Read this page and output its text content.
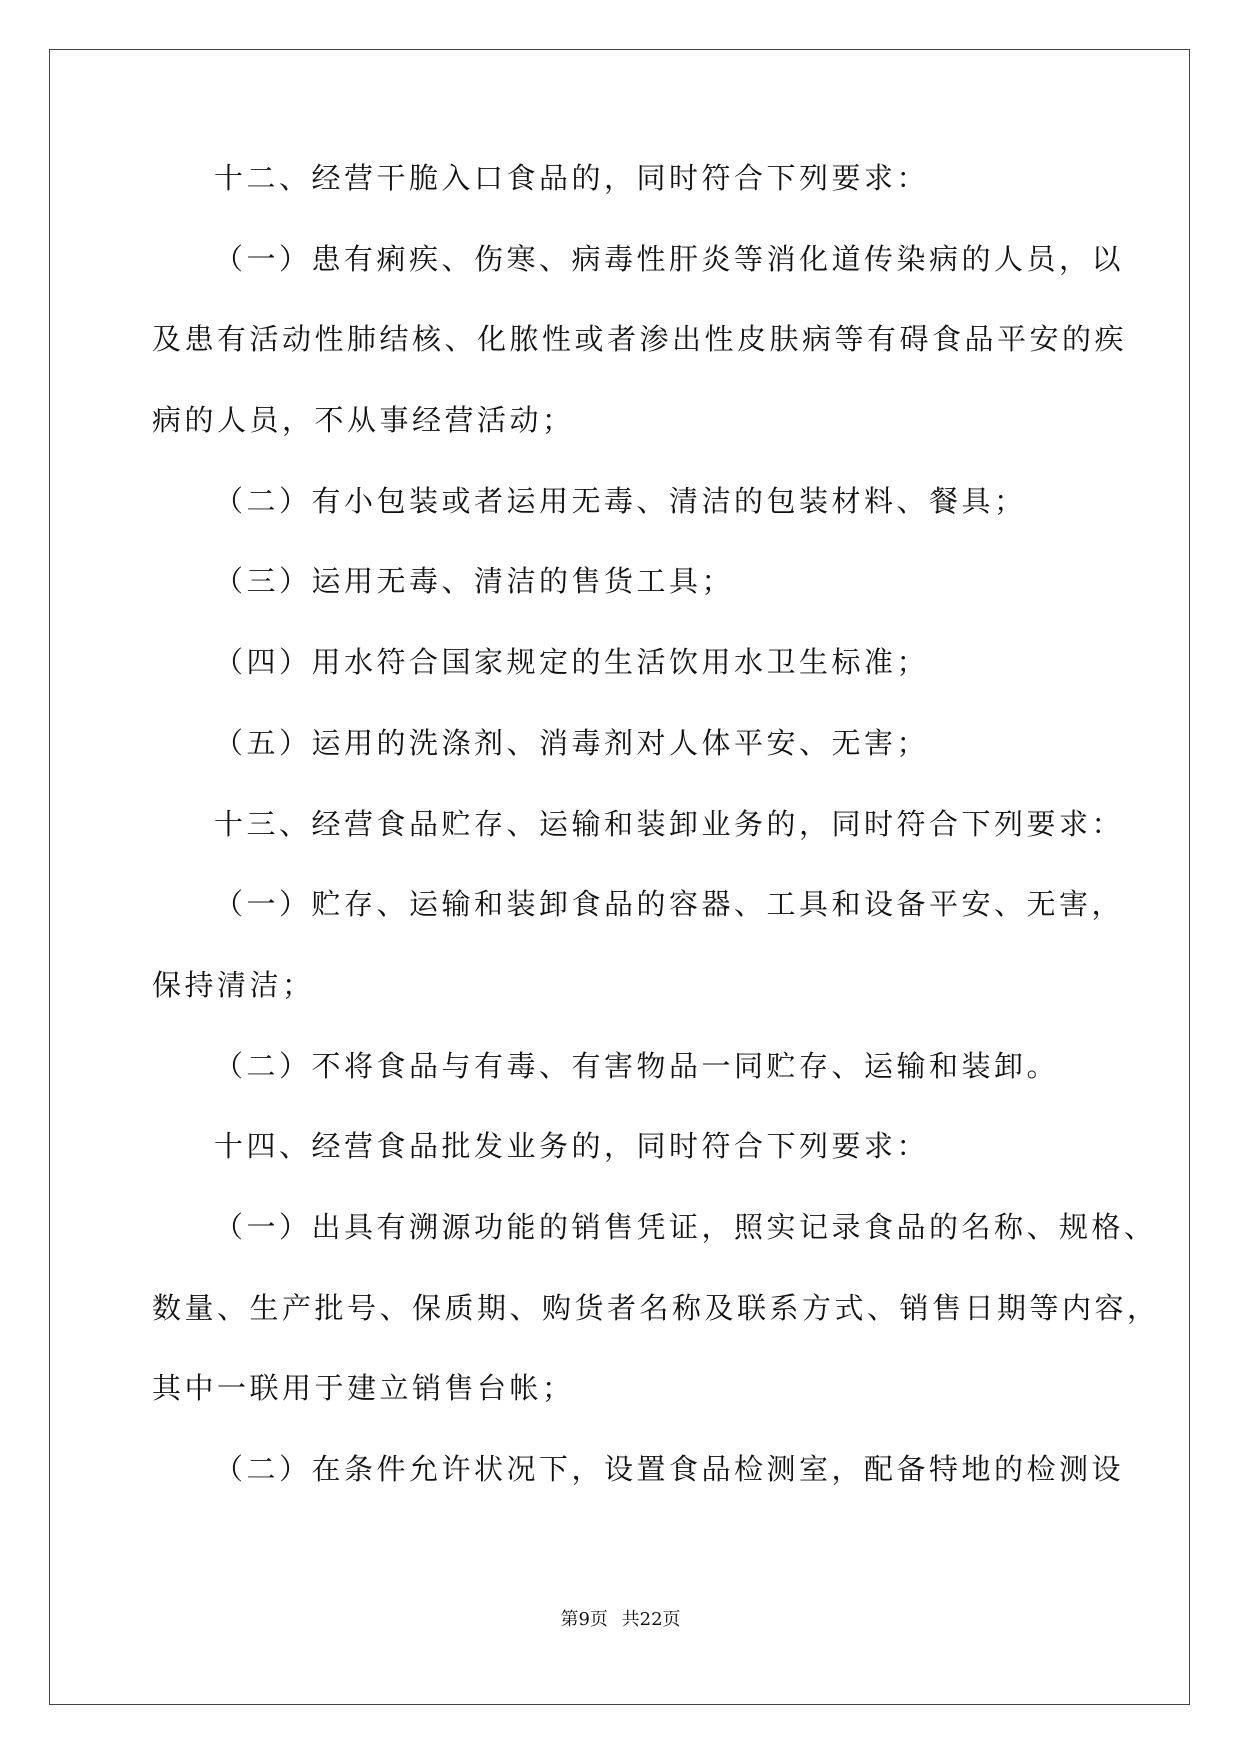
十二、经营干脆入口食品的，同时符合下列要求：
（一）患有痢疾、伤寒、病毒性肝炎等消化道传染病的人员，以
及患有活动性肺结核、化脓性或者渗出性皮肤病等有碍食品平安的疾
病的人员，不从事经营活动；
（二）有小包装或者运用无毒、清洁的包装材料、餐具；
（三）运用无毒、清洁的售货工具；
（四）用水符合国家规定的生活饮用水卫生标准；
（五）运用的洗涤剂、消毒剂对人体平安、无害；
十三、经营食品贮存、运输和装卸业务的，同时符合下列要求：
（一）贮存、运输和装卸食品的容器、工具和设备平安、无害，
保持清洁；
（二）不将食品与有毒、有害物品一同贮存、运输和装卸。
十四、经营食品批发业务的，同时符合下列要求：
（一）出具有溯源功能的销售凭证，照实记录食品的名称、规格、
数量、生产批号、保质期、购货者名称及联系方式、销售日期等内容，
其中一联用于建立销售台帐；
（二）在条件允许状况下，设置食品检测室，配备特地的检测设
第9页 共22页
